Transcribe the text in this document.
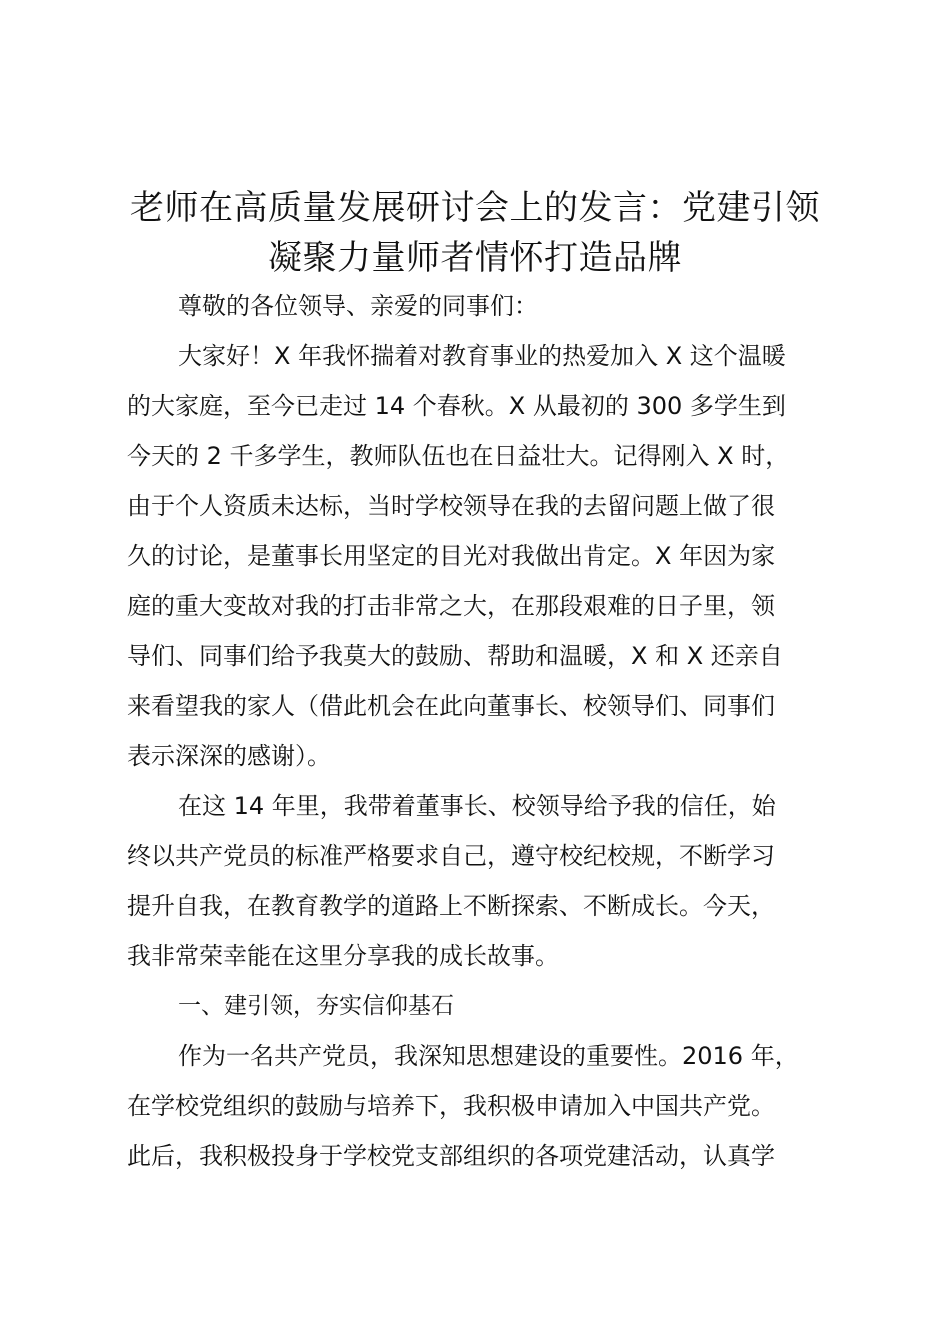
老师在高质量发展研讨会上的发言：党建引领
凝聚力量师者情怀打造品牌
尊敬的各位领导、亲爱的同事们：
大家好！X 年我怀揣着对教育事业的热爱加入 X 这个温暖
的大家庭，至今已走过 14 个春秋。X 从最初的 300 多学生到
今天的 2 千多学生，教师队伍也在日益壮大。记得刚入 X 时，
由于个人资质未达标，当时学校领导在我的去留问题上做了很
久的讨论，是董事长用坚定的目光对我做出肯定。X 年因为家
庭的重大变故对我的打击非常之大，在那段艰难的日子里，领
导们、同事们给予我莫大的鼓励、帮助和温暖，X 和 X 还亲自
来看望我的家人（借此机会在此向董事长、校领导们、同事们
表示深深的感谢）。
在这 14 年里，我带着董事长、校领导给予我的信任，始
终以共产党员的标准严格要求自己，遵守校纪校规，不断学习
提升自我，在教育教学的道路上不断探索、不断成长。今天，
我非常荣幸能在这里分享我的成长故事。
一、建引领，夯实信仰基石
作为一名共产党员，我深知思想建设的重要性。2016 年，
在学校党组织的鼓励与培养下，我积极申请加入中国共产党。
此后，我积极投身于学校党支部组织的各项党建活动，认真学
